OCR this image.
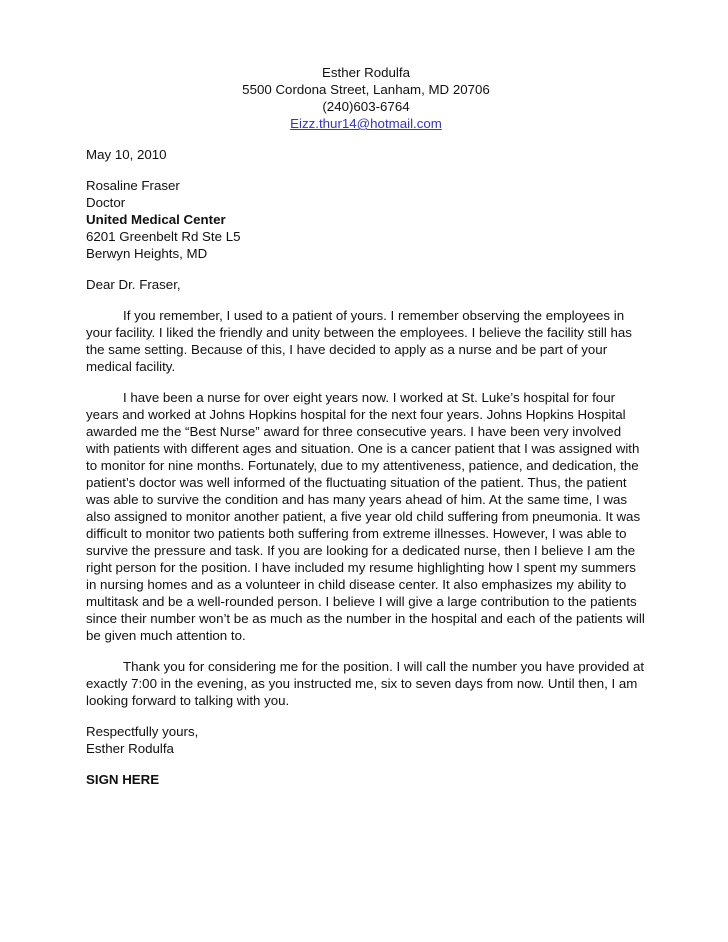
Esther Rodulfa
5500 Cordona Street, Lanham, MD 20706
(240)603-6764
Eizz.thur14@hotmail.com
May 10, 2010
Rosaline Fraser
Doctor
United Medical Center
6201 Greenbelt Rd Ste L5
Berwyn Heights, MD
Dear Dr. Fraser,

If you remember, I used to a patient of yours. I remember observing the employees in your facility. I liked the friendly and unity between the employees. I believe the facility still has the same setting. Because of this, I have decided to apply as a nurse and be part of your medical facility.

I have been a nurse for over eight years now. I worked at St. Luke’s hospital for four years and worked at Johns Hopkins hospital for the next four years. Johns Hopkins Hospital awarded me the “Best Nurse” award for three consecutive years. I have been very involved with patients with different ages and situation. One is a cancer patient that I was assigned with to monitor for nine months. Fortunately, due to my attentiveness, patience, and dedication, the patient’s doctor was well informed of the fluctuating situation of the patient. Thus, the patient was able to survive the condition and has many years ahead of him. At the same time, I was also assigned to monitor another patient, a five year old child suffering from pneumonia. It was difficult to monitor two patients both suffering from extreme illnesses. However, I was able to survive the pressure and task. If you are looking for a dedicated nurse, then I believe I am the right person for the position. I have included my resume highlighting how I spent my summers in nursing homes and as a volunteer in child disease center. It also emphasizes my ability to multitask and be a well-rounded person. I believe I will give a large contribution to the patients since their number won’t be as much as the number in the hospital and each of the patients will be given much attention to.

Thank you for considering me for the position. I will call the number you have provided at exactly 7:00 in the evening, as you instructed me, six to seven days from now. Until then, I am looking forward to talking with you.

Respectfully yours,
Esther Rodulfa
SIGN HERE
